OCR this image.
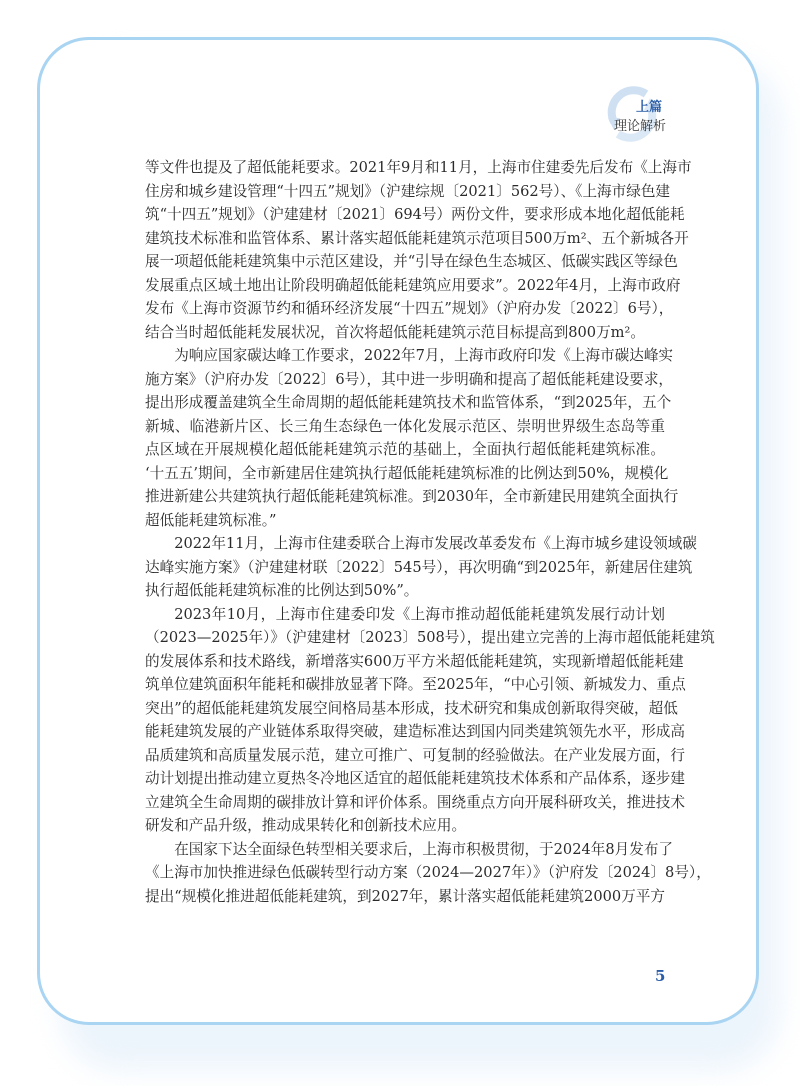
上篇
理论解析

等文件也提及了超低能耗要求。2021年9月和11月，上海市住建委先后发布《上海市
住房和城乡建设管理“十四五”规划》（沪建综规〔2021〕562号）、《上海市绿色建
筑“十四五”规划》（沪建建材〔2021〕694号）两份文件，要求形成本地化超低能耗
建筑技术标准和监管体系、累计落实超低能耗建筑示范项目500万m²、五个新城各开
展一项超低能耗建筑集中示范区建设，并“引导在绿色生态城区、低碳实践区等绿色
发展重点区域土地出让阶段明确超低能耗建筑应用要求”。2022年4月，上海市政府
发布《上海市资源节约和循环经济发展“十四五”规划》（沪府办发〔2022〕6号），
结合当时超低能耗发展状况，首次将超低能耗建筑示范目标提高到800万m²。

为响应国家碳达峰工作要求，2022年7月，上海市政府印发《上海市碳达峰实
施方案》（沪府办发〔2022〕6号），其中进一步明确和提高了超低能耗建设要求，
提出形成覆盖建筑全生命周期的超低能耗建筑技术和监管体系，“到2025年，五个
新城、临港新片区、长三角生态绿色一体化发展示范区、崇明世界级生态岛等重
点区域在开展规模化超低能耗建筑示范的基础上，全面执行超低能耗建筑标准。
‘十五五’期间，全市新建居住建筑执行超低能耗建筑标准的比例达到50%，规模化
推进新建公共建筑执行超低能耗建筑标准。到2030年，全市新建民用建筑全面执行
超低能耗建筑标准。”

2022年11月，上海市住建委联合上海市发展改革委发布《上海市城乡建设领域碳
达峰实施方案》（沪建建材联〔2022〕545号），再次明确“到2025年，新建居住建筑
执行超低能耗建筑标准的比例达到50%”。

2023年10月，上海市住建委印发《上海市推动超低能耗建筑发展行动计划
（2023—2025年）》（沪建建材〔2023〕508号），提出建立完善的上海市超低能耗建筑
的发展体系和技术路线，新增落实600万平方米超低能耗建筑，实现新增超低能耗建
筑单位建筑面积年能耗和碳排放显著下降。至2025年，“中心引领、新城发力、重点
突出”的超低能耗建筑发展空间格局基本形成，技术研究和集成创新取得突破，超低
能耗建筑发展的产业链体系取得突破，建造标准达到国内同类建筑领先水平，形成高
品质建筑和高质量发展示范，建立可推广、可复制的经验做法。在产业发展方面，行
动计划提出推动建立夏热冬冷地区适宜的超低能耗建筑技术体系和产品体系，逐步建
立建筑全生命周期的碳排放计算和评价体系。围绕重点方向开展科研攻关，推进技术
研发和产品升级，推动成果转化和创新技术应用。

在国家下达全面绿色转型相关要求后，上海市积极贯彻，于2024年8月发布了
《上海市加快推进绿色低碳转型行动方案（2024—2027年）》（沪府发〔2024〕8号），
提出“规模化推进超低能耗建筑，到2027年，累计落实超低能耗建筑2000万平方

5
